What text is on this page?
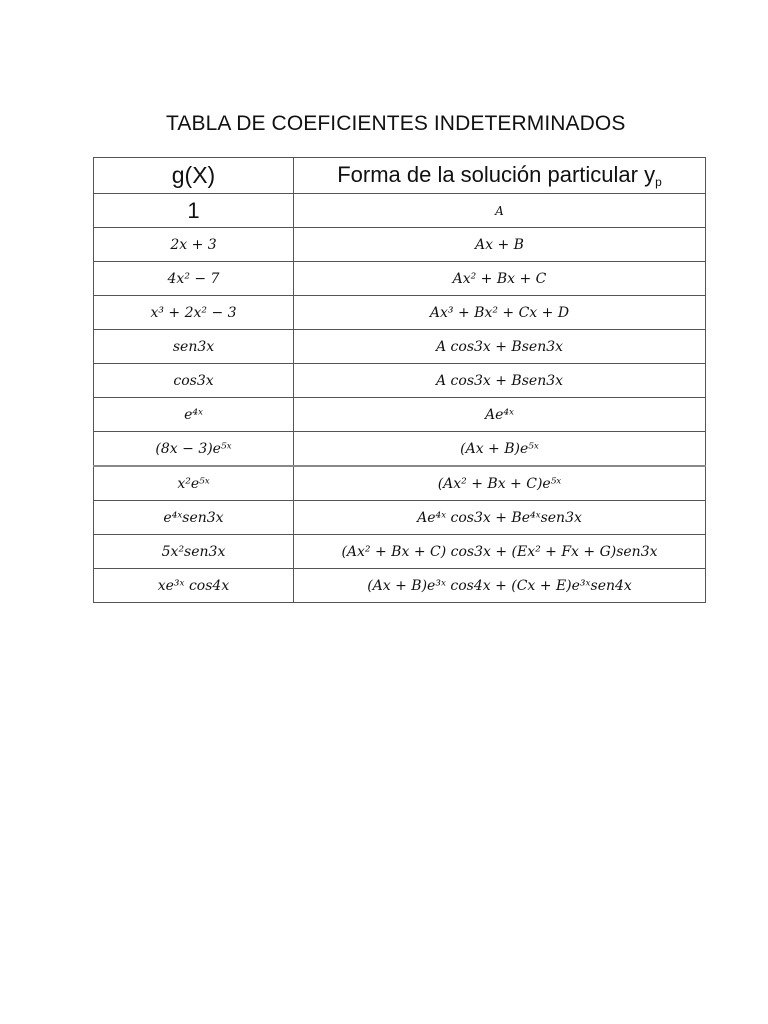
TABLA DE COEFICIENTES INDETERMINADOS
g(X)	Forma de la solución particular $y_p$
1	A
2x + 3	Ax + B
4x² − 7	Ax² + Bx + C
x³ + 2x² − 3	Ax³ + Bx² + Cx + D
sen3x	A cos3x + Bsen3x
cos3x	A cos3x + Bsen3x
e⁴ˣ	Ae⁴ˣ
(8x − 3)e⁵ˣ	(Ax + B)e⁵ˣ
x²e⁵ˣ	(Ax² + Bx + C)e⁵ˣ
e⁴ˣsen3x	Ae⁴ˣ cos3x + Be⁴ˣsen3x
5x²sen3x	(Ax² + Bx + C) cos3x + (Ex² + Fx + G)sen3x
xe³ˣ cos4x	(Ax + B)e³ˣ cos4x + (Cx + E)e³ˣsen4x
